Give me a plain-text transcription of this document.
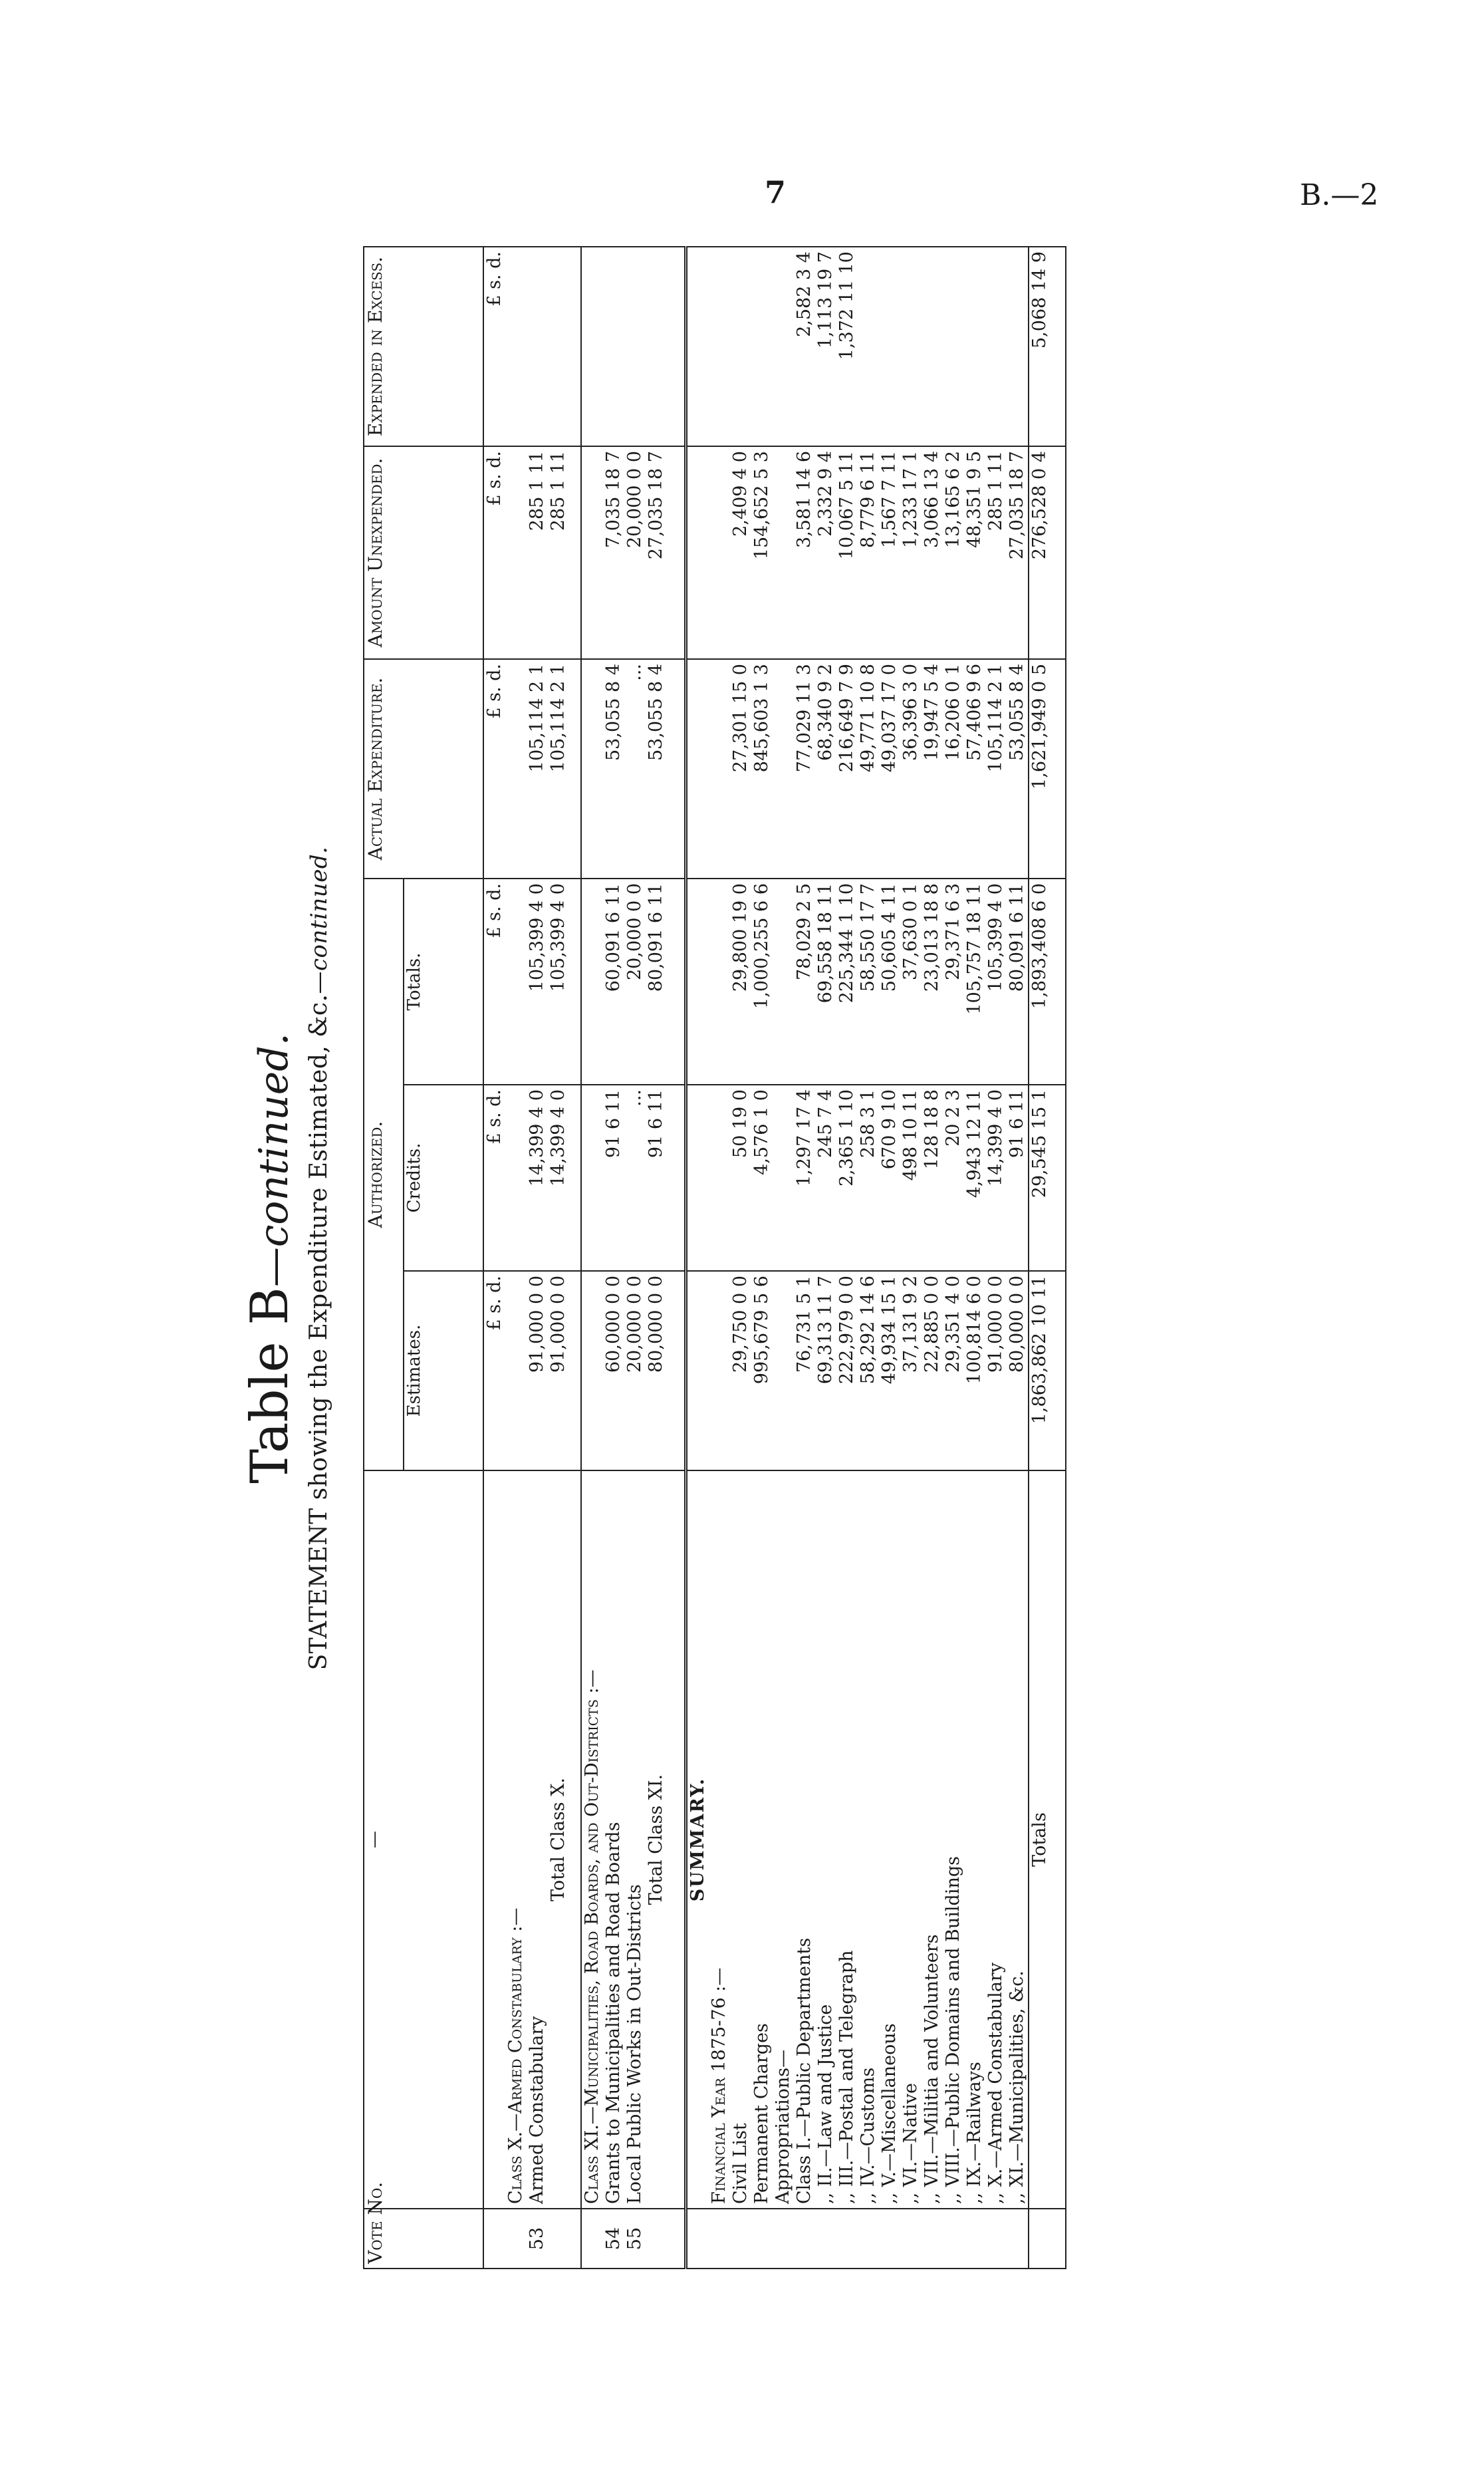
7	B.—2
Table B—continued. STATEMENT showing the Expenditure Estimated, &c.—continued.
Vote No.	—	Authorized.			Actual Expenditure.	Amount Unexpended.	Expended in Excess.
		Estimates.	Credits.	Totals.			
		£ s. d.	£ s. d.	£ s. d.	£ s. d.	£ s. d.	£ s. d.
	Class X.—Armed Constabulary :—						
53	Armed Constabulary	91,000 0 0	14,399 4 0	105,399 4 0	105,114 2 1	285 1 11	
	Total Class X.	91,000 0 0	14,399 4 0	105,399 4 0	105,114 2 1	285 1 11	
	Class XI.—Municipalities, Road Boards, and Out-Districts :—						
54	Grants to Municipalities and Road Boards	60,000 0 0	91 6 11	60,091 6 11	53,055 8 4	7,035 18 7	
55	Local Public Works in Out-Districts	20,000 0 0	...	20,000 0 0	...	20,000 0 0	
	Total Class XI.	80,000 0 0	91 6 11	80,091 6 11	53,055 8 4	27,035 18 7	
	SUMMARY.						
	Financial Year 1875-76 :—						
	Civil List	29,750 0 0	50 19 0	29,800 19 0	27,301 15 0	2,409 4 0	
	Permanent Charges	995,679 5 6	4,576 1 0	1,000,255 6 6	845,603 1 3	154,652 5 3	
	Appropriations—						
	Class I.—Public Departments	76,731 5 1	1,297 17 4	78,029 2 5	77,029 11 3	3,581 14 6	2,582 3 4
	,, II.—Law and Justice	69,313 11 7	245 7 4	69,558 18 11	68,340 9 2	2,332 9 4	1,113 19 7
	,, III.—Postal and Telegraph	222,979 0 0	2,365 1 10	225,344 1 10	216,649 7 9	10,067 5 11	1,372 11 10
	,, IV.—Customs	58,292 14 6	258 3 1	58,550 17 7	49,771 10 8	8,779 6 11	
	,, V.—Miscellaneous	49,934 15 1	670 9 10	50,605 4 11	49,037 17 0	1,567 7 11	
	,, VI.—Native	37,131 9 2	498 10 11	37,630 0 1	36,396 3 0	1,233 17 1	
	,, VII.—Militia and Volunteers	22,885 0 0	128 18 8	23,013 18 8	19,947 5 4	3,066 13 4	
	,, VIII.—Public Domains and Buildings	29,351 4 0	20 2 3	29,371 6 3	16,206 0 1	13,165 6 2	
	,, IX.—Railways	100,814 6 0	4,943 12 11	105,757 18 11	57,406 9 6	48,351 9 5	
	,, X.—Armed Constabulary	91,000 0 0	14,399 4 0	105,399 4 0	105,114 2 1	285 1 11	
	,, XI.—Municipalities, &c.	80,000 0 0	91 6 11	80,091 6 11	53,055 8 4	27,035 18 7	
	Totals	1,863,862 10 11	29,545 15 1	1,893,408 6 0	1,621,949 0 5	276,528 0 4	5,068 14 9
